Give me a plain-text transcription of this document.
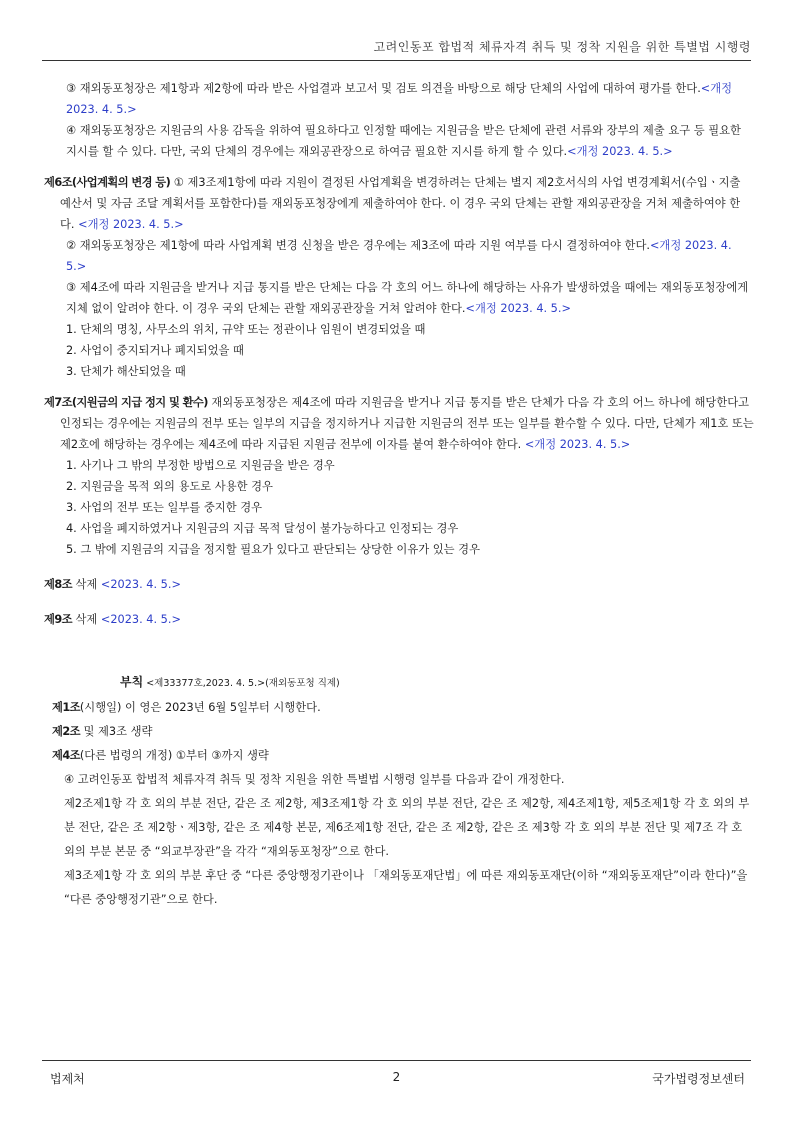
고려인동포 합법적 체류자격 취득 및 정착 지원을 위한 특별법 시행령

③ 재외동포청장은 제1항과 제2항에 따라 받은 사업결과 보고서 및 검토 의견을 바탕으로 해당 단체의 사업에 대하여 평가를 한다.<개정 2023. 4. 5.>

④ 재외동포청장은 지원금의 사용 감독을 위하여 필요하다고 인정할 때에는 지원금을 받은 단체에 관련 서류와 장부의 제출 요구 등 필요한 지시를 할 수 있다. 다만, 국외 단체의 경우에는 재외공관장으로 하여금 필요한 지시를 하게 할 수 있다.<개정 2023. 4. 5.>

제6조(사업계획의 변경 등) ① 제3조제1항에 따라 지원이 결정된 사업계획을 변경하려는 단체는 별지 제2호서식의 사업 변경계획서(수입ㆍ지출 예산서 및 자금 조달 계획서를 포함한다)를 재외동포청장에게 제출하여야 한다. 이 경우 국외 단체는 관할 재외공관장을 거쳐 제출하여야 한다. <개정 2023. 4. 5.>

② 재외동포청장은 제1항에 따라 사업계획 변경 신청을 받은 경우에는 제3조에 따라 지원 여부를 다시 결정하여야 한다.<개정 2023. 4. 5.>

③ 제4조에 따라 지원금을 받거나 지급 통지를 받은 단체는 다음 각 호의 어느 하나에 해당하는 사유가 발생하였을 때에는 재외동포청장에게 지체 없이 알려야 한다. 이 경우 국외 단체는 관할 재외공관장을 거쳐 알려야 한다.<개정 2023. 4. 5.>

1. 단체의 명칭, 사무소의 위치, 규약 또는 정관이나 임원이 변경되었을 때

2. 사업이 중지되거나 폐지되었을 때

3. 단체가 해산되었을 때

제7조(지원금의 지급 정지 및 환수) 재외동포청장은 제4조에 따라 지원금을 받거나 지급 통지를 받은 단체가 다음 각 호의 어느 하나에 해당한다고 인정되는 경우에는 지원금의 전부 또는 일부의 지급을 정지하거나 지급한 지원금의 전부 또는 일부를 환수할 수 있다. 다만, 단체가 제1호 또는 제2호에 해당하는 경우에는 제4조에 따라 지급된 지원금 전부에 이자를 붙여 환수하여야 한다. <개정 2023. 4. 5.>

1. 사기나 그 밖의 부정한 방법으로 지원금을 받은 경우

2. 지원금을 목적 외의 용도로 사용한 경우

3. 사업의 전부 또는 일부를 중지한 경우

4. 사업을 폐지하였거나 지원금의 지급 목적 달성이 불가능하다고 인정되는 경우

5. 그 밖에 지원금의 지급을 정지할 필요가 있다고 판단되는 상당한 이유가 있는 경우

제8조 삭제 <2023. 4. 5.>

제9조 삭제 <2023. 4. 5.>

부칙 <제33377호,2023. 4. 5.>(재외동포청 직제)

제1조(시행일) 이 영은 2023년 6월 5일부터 시행한다.

제2조 및 제3조 생략

제4조(다른 법령의 개정) ①부터 ③까지 생략

④ 고려인동포 합법적 체류자격 취득 및 정착 지원을 위한 특별법 시행령 일부를 다음과 같이 개정한다.

제2조제1항 각 호 외의 부분 전단, 같은 조 제2항, 제3조제1항 각 호 외의 부분 전단, 같은 조 제2항, 제4조제1항, 제5조제1항 각 호 외의 부분 전단, 같은 조 제2항ㆍ제3항, 같은 조 제4항 본문, 제6조제1항 전단, 같은 조 제2항, 같은 조 제3항 각 호 외의 부분 전단 및 제7조 각 호 외의 부분 본문 중 “외교부장관”을 각각 “재외동포청장”으로 한다.

제3조제1항 각 호 외의 부분 후단 중 “다른 중앙행정기관이나 「재외동포재단법」에 따른 재외동포재단(이하 “재외동포재단”이라 한다)”을 “다른 중앙행정기관”으로 한다.

법제처	2	국가법령정보센터
